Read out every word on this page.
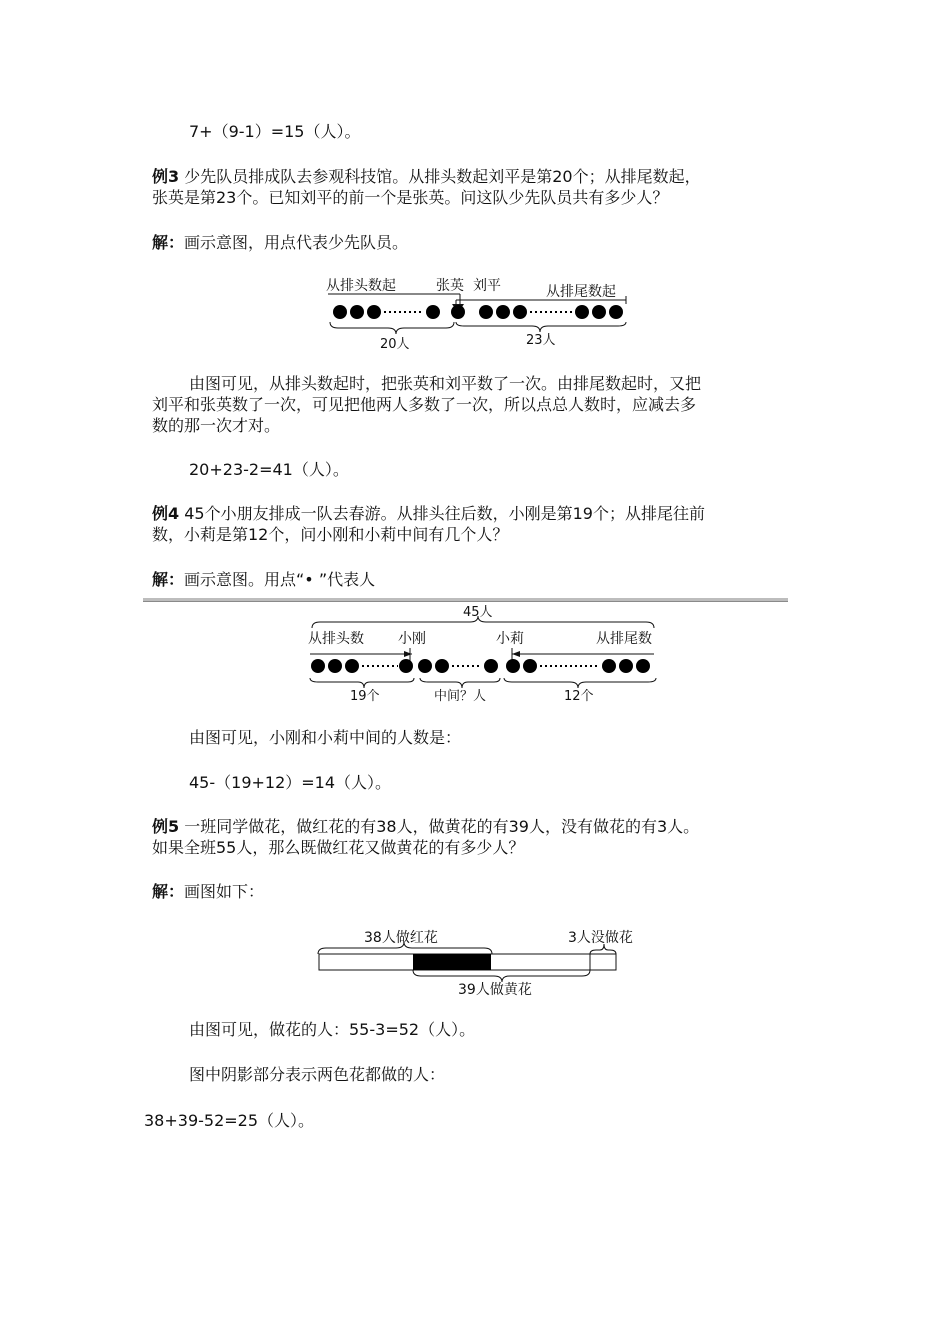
7+（9-1）=15（人）。
例3 少先队员排成队去参观科技馆。从排头数起刘平是第20个；从排尾数起，
张英是第23个。已知刘平的前一个是张英。问这队少先队员共有多少人？
解：画示意图，用点代表少先队员。
从排头数起	张英 刘平	从排尾数起
20人	23人
由图可见，从排头数起时，把张英和刘平数了一次。由排尾数起时，又把
刘平和张英数了一次，可见把他两人多数了一次，所以点总人数时，应减去多
数的那一次才对。
20+23-2=41（人）。
例4 45个小朋友排成一队去春游。从排头往后数，小刚是第19个；从排尾往前
数，小莉是第12个，问小刚和小莉中间有几个人？
解：画示意图。用点“• ”代表人
45人
从排头数 小刚	小莉	从排尾数
19个	中间？人	12个
由图可见，小刚和小莉中间的人数是：
45-（19+12）=14（人）。
例5 一班同学做花，做红花的有38人，做黄花的有39人，没有做花的有3人。
如果全班55人，那么既做红花又做黄花的有多少人？
解：画图如下：
38人做红花	3人没做花
39人做黄花
由图可见，做花的人：55-3=52（人）。
图中阴影部分表示两色花都做的人：
38+39-52=25（人）。
